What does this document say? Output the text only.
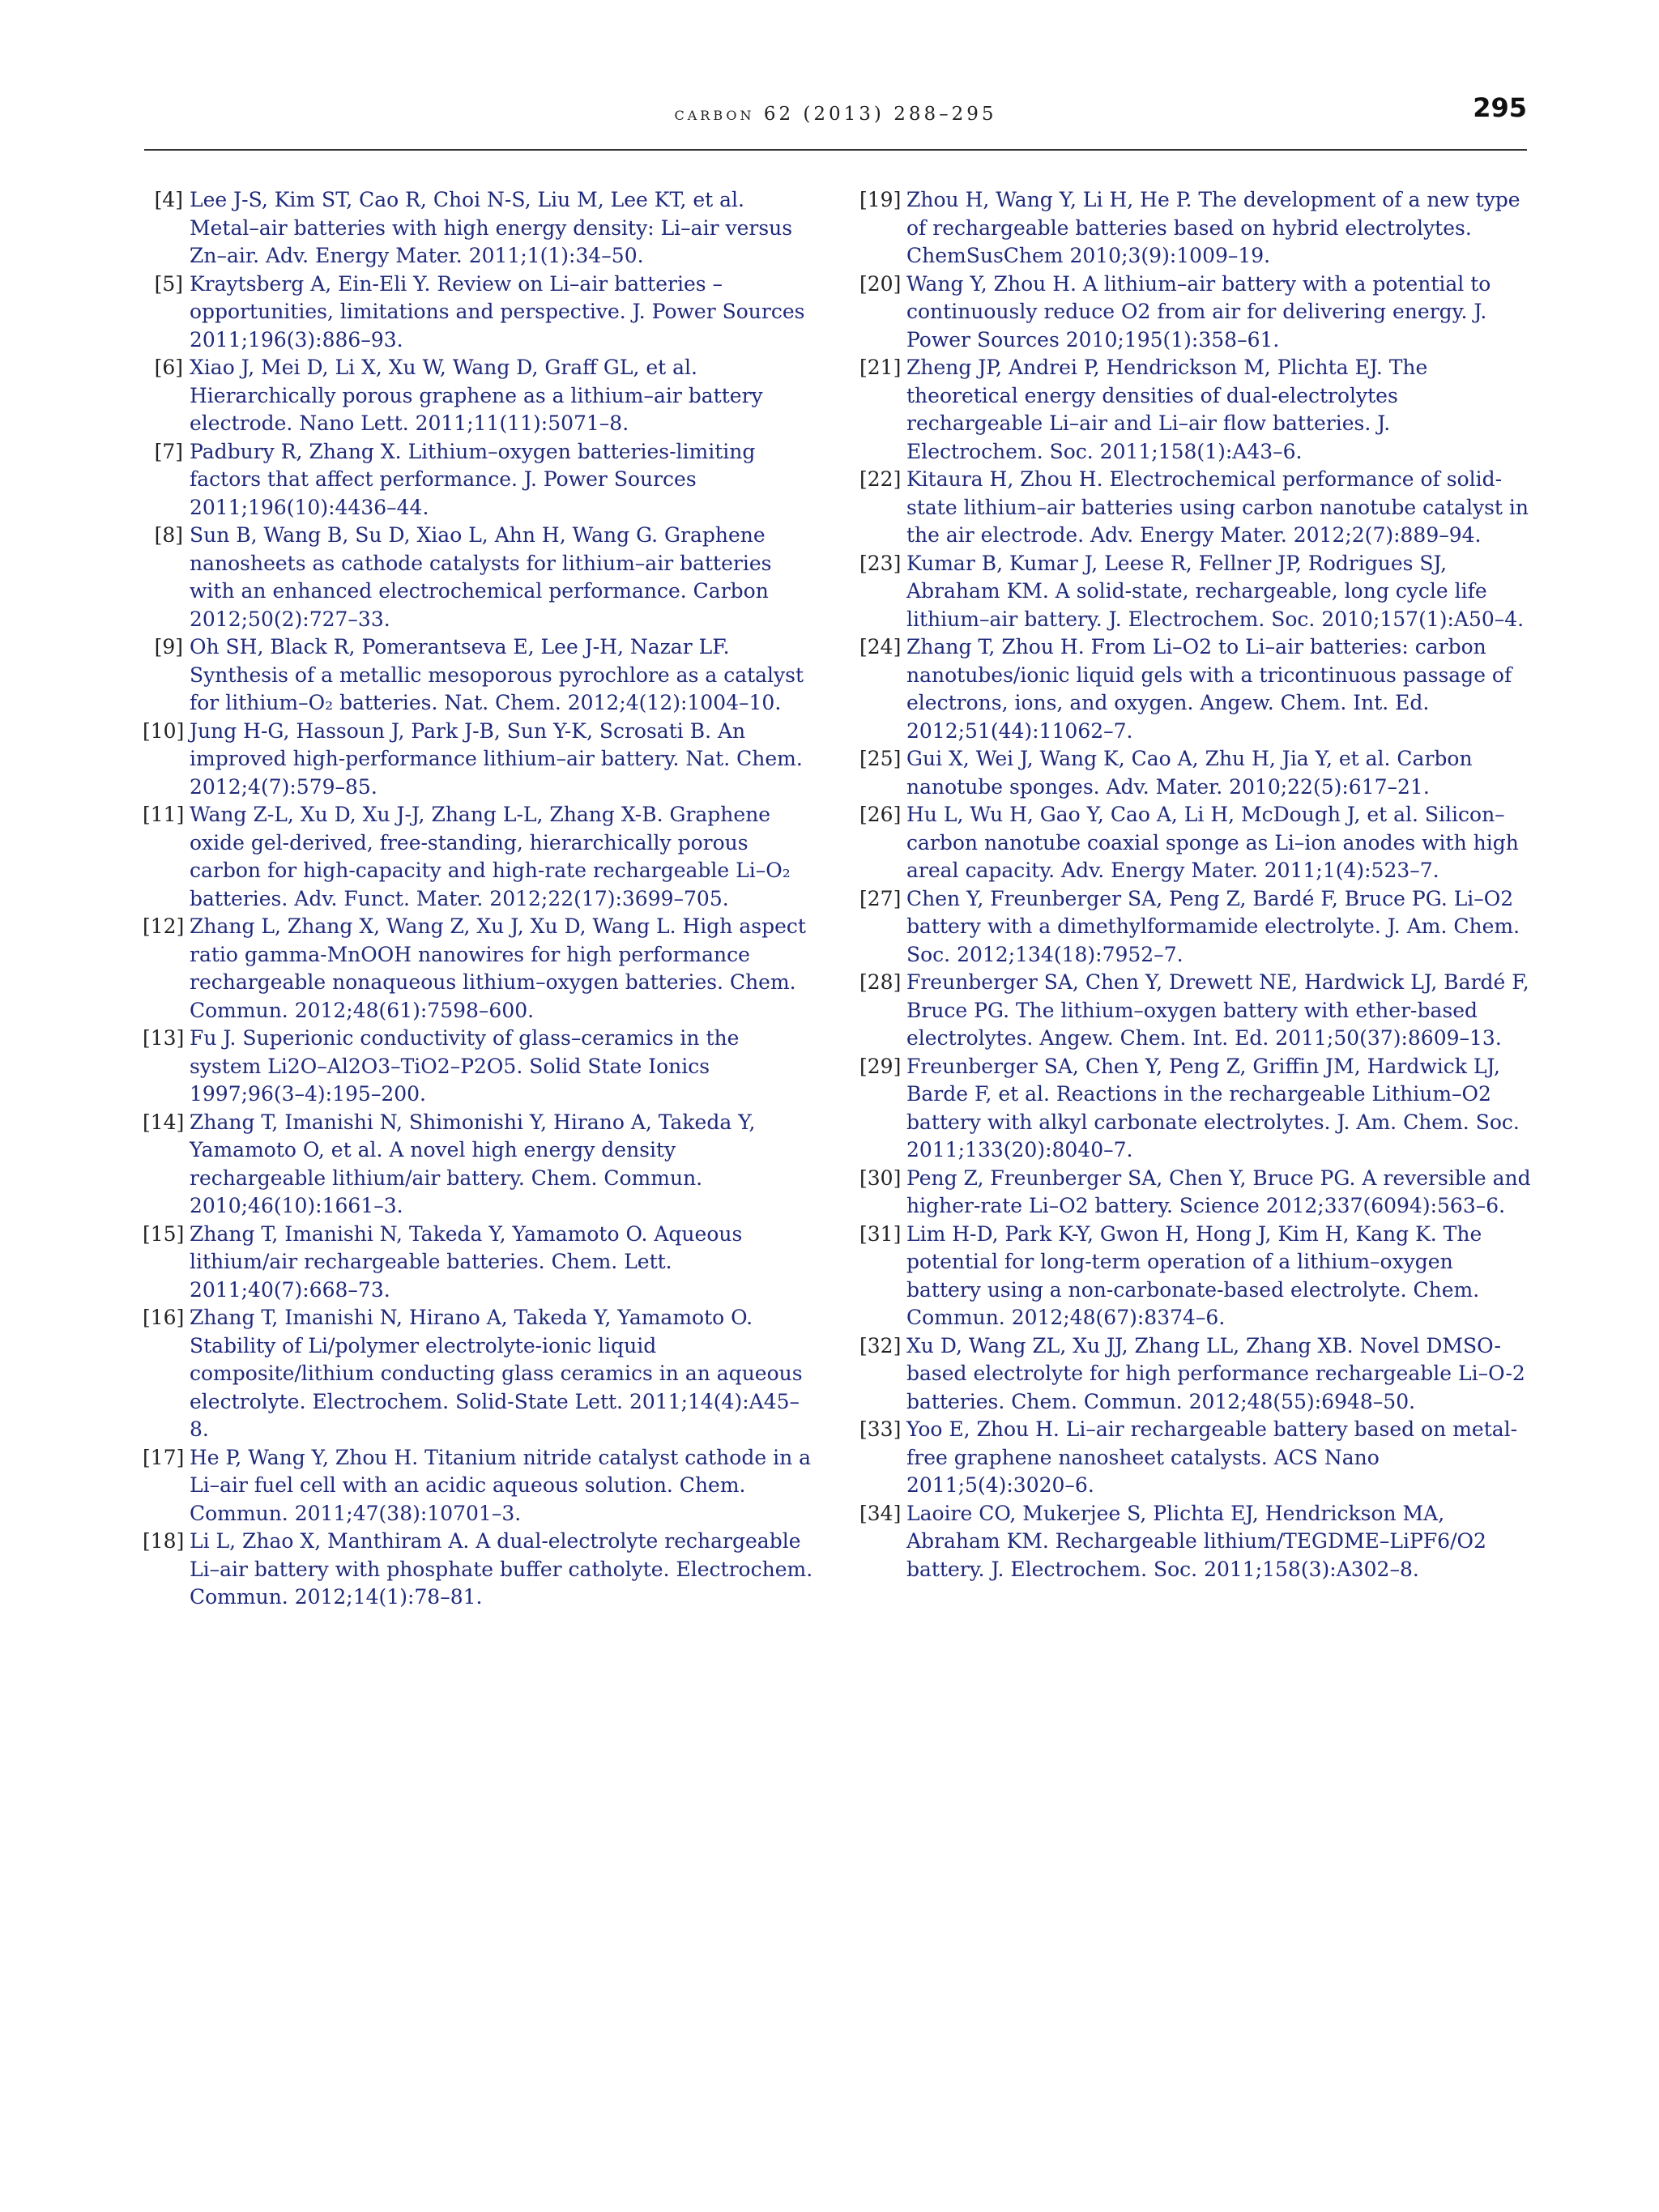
carbon 62 (2013) 288–295	295
[4] Lee J-S, Kim ST, Cao R, Choi N-S, Liu M, Lee KT, et al. Metal–air batteries with high energy density: Li–air versus Zn–air. Adv. Energy Mater. 2011;1(1):34–50.
[5] Kraytsberg A, Ein-Eli Y. Review on Li–air batteries – opportunities, limitations and perspective. J. Power Sources 2011;196(3):886–93.
[6] Xiao J, Mei D, Li X, Xu W, Wang D, Graff GL, et al. Hierarchically porous graphene as a lithium–air battery electrode. Nano Lett. 2011;11(11):5071–8.
[7] Padbury R, Zhang X. Lithium–oxygen batteries-limiting factors that affect performance. J. Power Sources 2011;196(10):4436–44.
[8] Sun B, Wang B, Su D, Xiao L, Ahn H, Wang G. Graphene nanosheets as cathode catalysts for lithium–air batteries with an enhanced electrochemical performance. Carbon 2012;50(2):727–33.
[9] Oh SH, Black R, Pomerantseva E, Lee J-H, Nazar LF. Synthesis of a metallic mesoporous pyrochlore as a catalyst for lithium–O₂ batteries. Nat. Chem. 2012;4(12):1004–10.
[10] Jung H-G, Hassoun J, Park J-B, Sun Y-K, Scrosati B. An improved high-performance lithium–air battery. Nat. Chem. 2012;4(7):579–85.
[11] Wang Z-L, Xu D, Xu J-J, Zhang L-L, Zhang X-B. Graphene oxide gel-derived, free-standing, hierarchically porous carbon for high-capacity and high-rate rechargeable Li–O₂ batteries. Adv. Funct. Mater. 2012;22(17):3699–705.
[12] Zhang L, Zhang X, Wang Z, Xu J, Xu D, Wang L. High aspect ratio gamma-MnOOH nanowires for high performance rechargeable nonaqueous lithium–oxygen batteries. Chem. Commun. 2012;48(61):7598–600.
[13] Fu J. Superionic conductivity of glass–ceramics in the system Li2O–Al2O3–TiO2–P2O5. Solid State Ionics 1997;96(3–4):195–200.
[14] Zhang T, Imanishi N, Shimonishi Y, Hirano A, Takeda Y, Yamamoto O, et al. A novel high energy density rechargeable lithium/air battery. Chem. Commun. 2010;46(10):1661–3.
[15] Zhang T, Imanishi N, Takeda Y, Yamamoto O. Aqueous lithium/air rechargeable batteries. Chem. Lett. 2011;40(7):668–73.
[16] Zhang T, Imanishi N, Hirano A, Takeda Y, Yamamoto O. Stability of Li/polymer electrolyte-ionic liquid composite/lithium conducting glass ceramics in an aqueous electrolyte. Electrochem. Solid-State Lett. 2011;14(4):A45–8.
[17] He P, Wang Y, Zhou H. Titanium nitride catalyst cathode in a Li–air fuel cell with an acidic aqueous solution. Chem. Commun. 2011;47(38):10701–3.
[18] Li L, Zhao X, Manthiram A. A dual-electrolyte rechargeable Li–air battery with phosphate buffer catholyte. Electrochem. Commun. 2012;14(1):78–81.
[19] Zhou H, Wang Y, Li H, He P. The development of a new type of rechargeable batteries based on hybrid electrolytes. ChemSusChem 2010;3(9):1009–19.
[20] Wang Y, Zhou H. A lithium–air battery with a potential to continuously reduce O2 from air for delivering energy. J. Power Sources 2010;195(1):358–61.
[21] Zheng JP, Andrei P, Hendrickson M, Plichta EJ. The theoretical energy densities of dual-electrolytes rechargeable Li–air and Li–air flow batteries. J. Electrochem. Soc. 2011;158(1):A43–6.
[22] Kitaura H, Zhou H. Electrochemical performance of solid-state lithium–air batteries using carbon nanotube catalyst in the air electrode. Adv. Energy Mater. 2012;2(7):889–94.
[23] Kumar B, Kumar J, Leese R, Fellner JP, Rodrigues SJ, Abraham KM. A solid-state, rechargeable, long cycle life lithium–air battery. J. Electrochem. Soc. 2010;157(1):A50–4.
[24] Zhang T, Zhou H. From Li–O2 to Li–air batteries: carbon nanotubes/ionic liquid gels with a tricontinuous passage of electrons, ions, and oxygen. Angew. Chem. Int. Ed. 2012;51(44):11062–7.
[25] Gui X, Wei J, Wang K, Cao A, Zhu H, Jia Y, et al. Carbon nanotube sponges. Adv. Mater. 2010;22(5):617–21.
[26] Hu L, Wu H, Gao Y, Cao A, Li H, McDough J, et al. Silicon–carbon nanotube coaxial sponge as Li–ion anodes with high areal capacity. Adv. Energy Mater. 2011;1(4):523–7.
[27] Chen Y, Freunberger SA, Peng Z, Bardé F, Bruce PG. Li–O2 battery with a dimethylformamide electrolyte. J. Am. Chem. Soc. 2012;134(18):7952–7.
[28] Freunberger SA, Chen Y, Drewett NE, Hardwick LJ, Bardé F, Bruce PG. The lithium–oxygen battery with ether-based electrolytes. Angew. Chem. Int. Ed. 2011;50(37):8609–13.
[29] Freunberger SA, Chen Y, Peng Z, Griffin JM, Hardwick LJ, Barde F, et al. Reactions in the rechargeable Lithium–O2 battery with alkyl carbonate electrolytes. J. Am. Chem. Soc. 2011;133(20):8040–7.
[30] Peng Z, Freunberger SA, Chen Y, Bruce PG. A reversible and higher-rate Li–O2 battery. Science 2012;337(6094):563–6.
[31] Lim H-D, Park K-Y, Gwon H, Hong J, Kim H, Kang K. The potential for long-term operation of a lithium–oxygen battery using a non-carbonate-based electrolyte. Chem. Commun. 2012;48(67):8374–6.
[32] Xu D, Wang ZL, Xu JJ, Zhang LL, Zhang XB. Novel DMSO-based electrolyte for high performance rechargeable Li–O-2 batteries. Chem. Commun. 2012;48(55):6948–50.
[33] Yoo E, Zhou H. Li–air rechargeable battery based on metal-free graphene nanosheet catalysts. ACS Nano 2011;5(4):3020–6.
[34] Laoire CO, Mukerjee S, Plichta EJ, Hendrickson MA, Abraham KM. Rechargeable lithium/TEGDME–LiPF6/O2 battery. J. Electrochem. Soc. 2011;158(3):A302–8.
